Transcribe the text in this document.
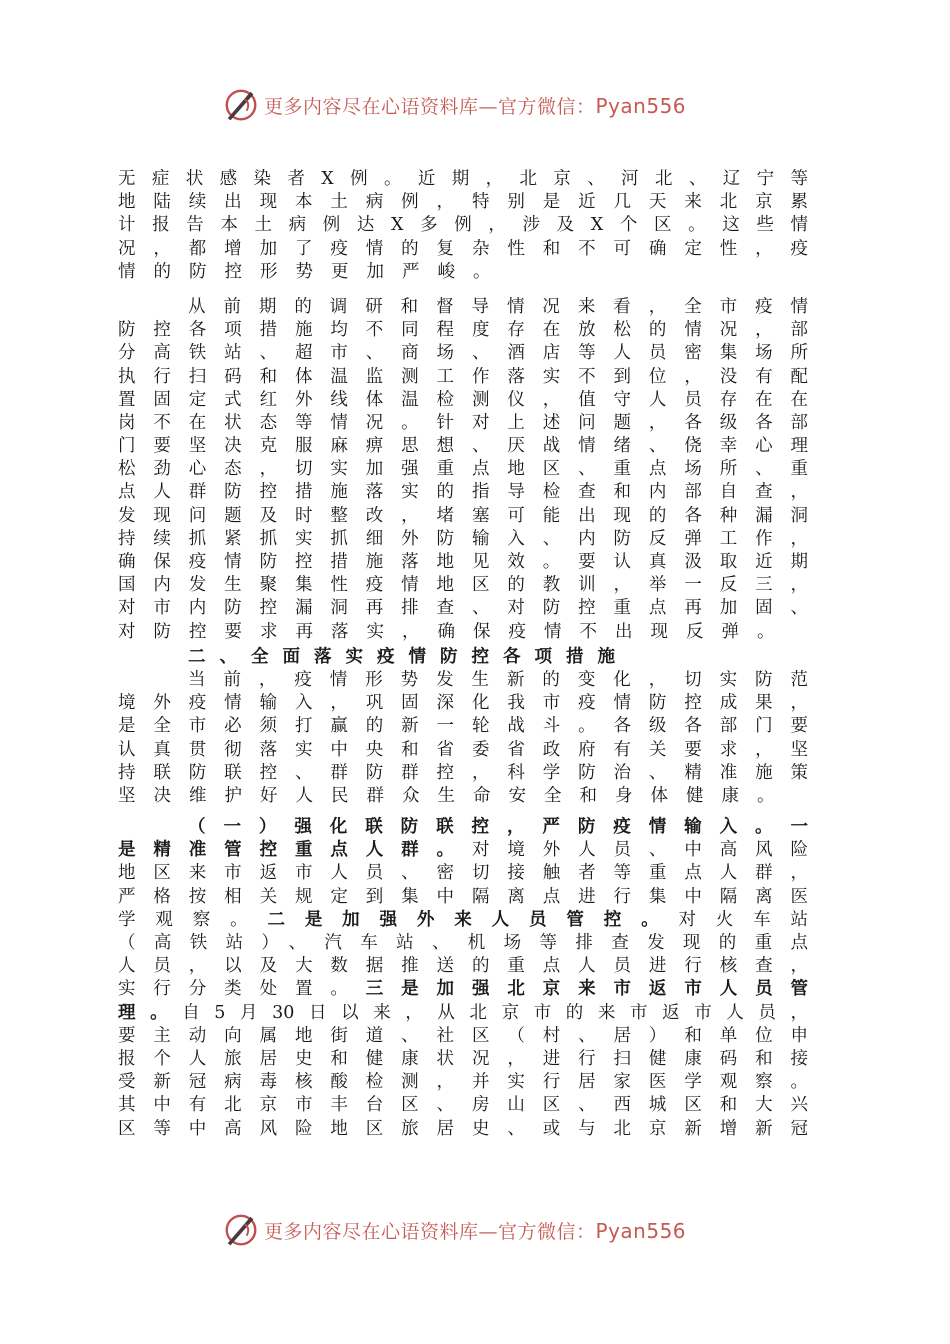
更多内容尽在心语资料库—官方微信：Pyan556
无症状感染者X例。近期，北京、河北、辽宁等
地陆续出现本土病例，特别是近几天来北京累
计报告本土病例达X多例，涉及X个区。这些情
况，都增加了疫情的复杂性和不可确定性，疫
情的防控形势更加严峻。
从前期的调研和督导情况来看，全市疫情
防控各项措施均不同程度存在放松的情况，部
分高铁站、超市、商场、酒店等人员密集场所
执行扫码和体温监测工作落实不到位，没有配
置固定式红外线体温检测仪，值守人员存在在
岗不在状态等情况。针对上述问题，各级各部
门要坚决克服麻痹思想、厌战情绪、侥幸心理
松劲心态，切实加强重点地区、重点场所、重
点人群防控措施落实的指导检查和内部自查，
发现问题及时整改，堵塞可能出现的各种漏洞
持续抓紧抓实抓细外防输入、内防反弹工作，
确保疫情防控措施落地见效。要认真汲取近期
国内发生聚集性疫情地区的教训，举一反三，
对市内防控漏洞再排查、对防控重点再加固、
对防控要求再落实，确保疫情不出现反弹。
二、全面落实疫情防控各项措施
当前，疫情形势发生新的变化，切实防范
境外疫情输入，巩固深化我市疫情防控成果，
是全市必须打赢的新一轮战斗。各级各部门要
认真贯彻落实中央和省委省政府有关要求，坚
持联防联控、群防群控，科学防治、精准施策
坚决维护好人民群众生命安全和身体健康。
（一）强化联防联控，严防疫情输入。一
是精准管控重点人群。对境外人员、中高风险
地区来市返市人员、密切接触者等重点人群，
严格按相关规定到集中隔离点进行集中隔离医
学观察。二是加强外来人员管控。对火车站
（高铁站）、汽车站、机场等排查发现的重点
人员，以及大数据推送的重点人员进行核查，
实行分类处置。三是加强北京来市返市人员管
理。自5月30日以来，从北京市的来市返市人员，
要主动向属地街道、社区（村、居）和单位申
报个人旅居史和健康状况，进行扫健康码和接
受新冠病毒核酸检测，并实行居家医学观察。
其中有北京市丰台区、房山区、西城区和大兴
区等中高风险地区旅居史、或与北京新增新冠
更多内容尽在心语资料库—官方微信：Pyan556
